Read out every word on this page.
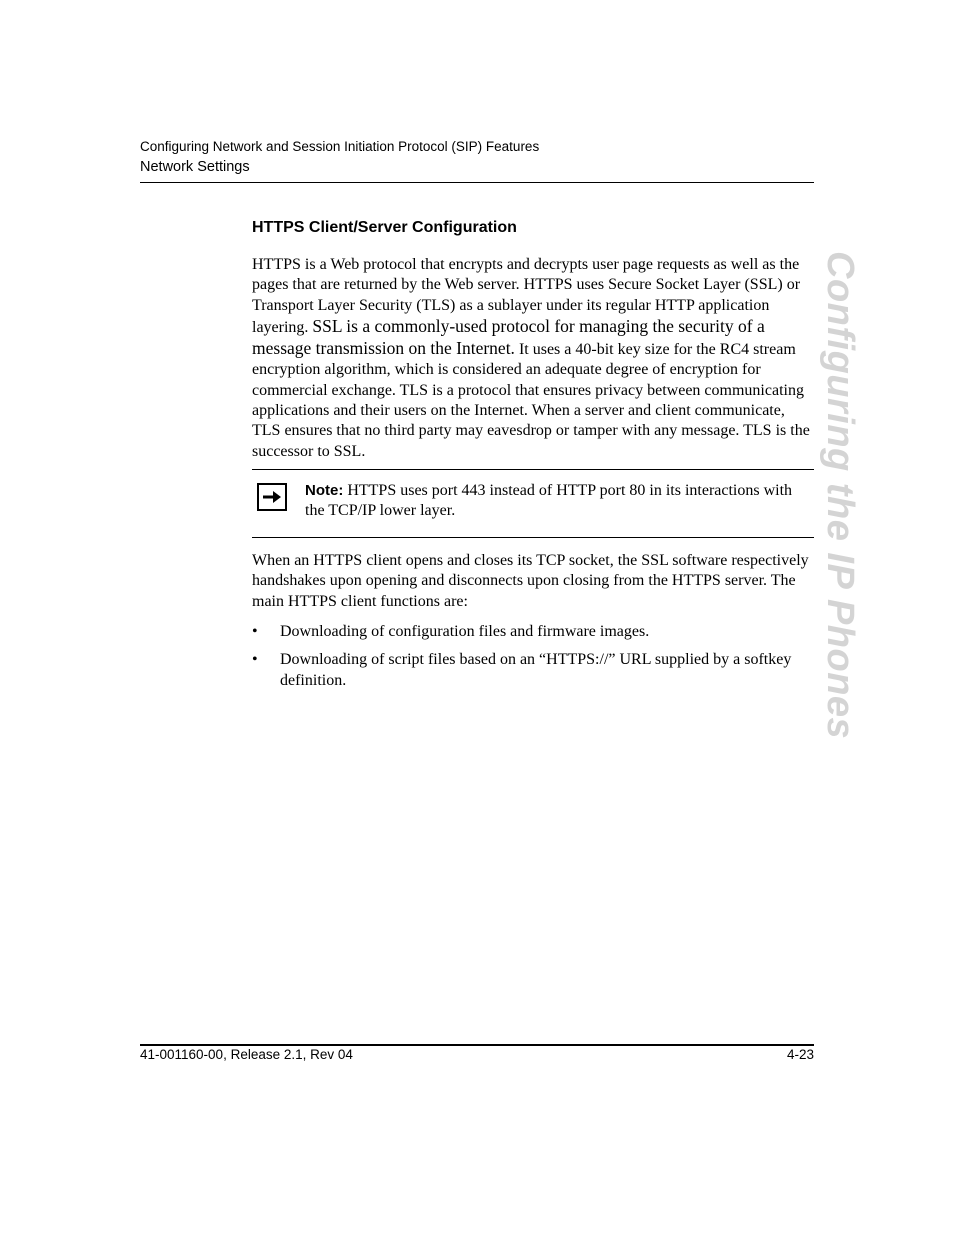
Configuring Network and Session Initiation Protocol (SIP) Features
Network Settings
Configuring the IP Phones
HTTPS Client/Server Configuration

HTTPS is a Web protocol that encrypts and decrypts user page requests as well as the pages that are returned by the Web server. HTTPS uses Secure Socket Layer (SSL) or Transport Layer Security (TLS) as a sublayer under its regular HTTP application layering. SSL is a commonly-used protocol for managing the security of a message transmission on the Internet. It uses a 40-bit key size for the RC4 stream encryption algorithm, which is considered an adequate degree of encryption for commercial exchange. TLS is a protocol that ensures privacy between communicating applications and their users on the Internet. When a server and client communicate, TLS ensures that no third party may eavesdrop or tamper with any message. TLS is the successor to SSL.

Note: HTTPS uses port 443 instead of HTTP port 80 in its interactions with the TCP/IP lower layer.

When an HTTPS client opens and closes its TCP socket, the SSL software respectively handshakes upon opening and disconnects upon closing from the HTTPS server. The main HTTPS client functions are:

• Downloading of configuration files and firmware images.
• Downloading of script files based on an “HTTPS://” URL supplied by a softkey definition.
41-001160-00, Release 2.1, Rev 04	4-23
